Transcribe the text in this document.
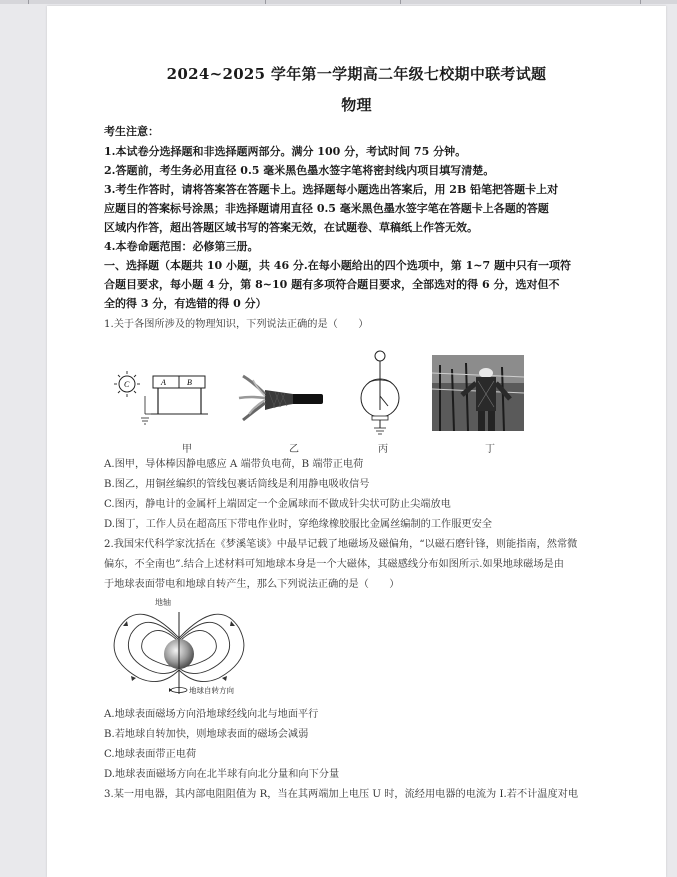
2024~2025 学年第一学期高二年级七校期中联考试题
物理
考生注意：
1.本试卷分选择题和非选择题两部分。满分 100 分，考试时间 75 分钟。
2.答题前，考生务必用直径 0.5 毫米黑色墨水签字笔将密封线内项目填写清楚。
3.考生作答时，请将答案答在答题卡上。选择题每小题选出答案后，用 2B 铅笔把答题卡上对
应题目的答案标号涂黑；非选择题请用直径 0.5 毫米黑色墨水签字笔在答题卡上各题的答题
区域内作答，超出答题区域书写的答案无效，在试题卷、草稿纸上作答无效。
4.本卷命题范围：必修第三册。
一、选择题（本题共 10 小题，共 46 分.在每小题给出的四个选项中，第 1~7 题中只有一项符
合题目要求，每小题 4 分，第 8~10 题有多项符合题目要求，全部选对的得 6 分，选对但不
全的得 3 分，有选错的得 0 分）
1.关于各图所涉及的物理知识，下列说法正确的是（　　）
C	A	B
甲	乙	丙	丁
A.图甲，导体棒因静电感应 A 端带负电荷，B 端带正电荷
B.图乙，用铜丝编织的管线包裹话筒线是利用静电吸收信号
C.图丙，静电计的金属杆上端固定一个金属球而不做成针尖状可防止尖端放电
D.图丁，工作人员在超高压下带电作业时，穿绝缘橡胶服比金属丝编制的工作服更安全
2.我国宋代科学家沈括在《梦溪笔谈》中最早记载了地磁场及磁偏角，“以磁石磨针锋，则能指南，然常微
偏东，不全南也”.结合上述材料可知地球本身是一个大磁体，其磁感线分布如图所示.如果地球磁场是由
于地球表面带电和地球自转产生，那么下列说法正确的是（　　）
地球自转方向
地轴
A.地球表面磁场方向沿地球经线向北与地面平行
B.若地球自转加快，则地球表面的磁场会减弱
C.地球表面带正电荷
D.地球表面磁场方向在北半球有向北分量和向下分量
3.某一用电器，其内部电阻阻值为 R，当在其两端加上电压 U 时，流经用电器的电流为 I.若不计温度对电
